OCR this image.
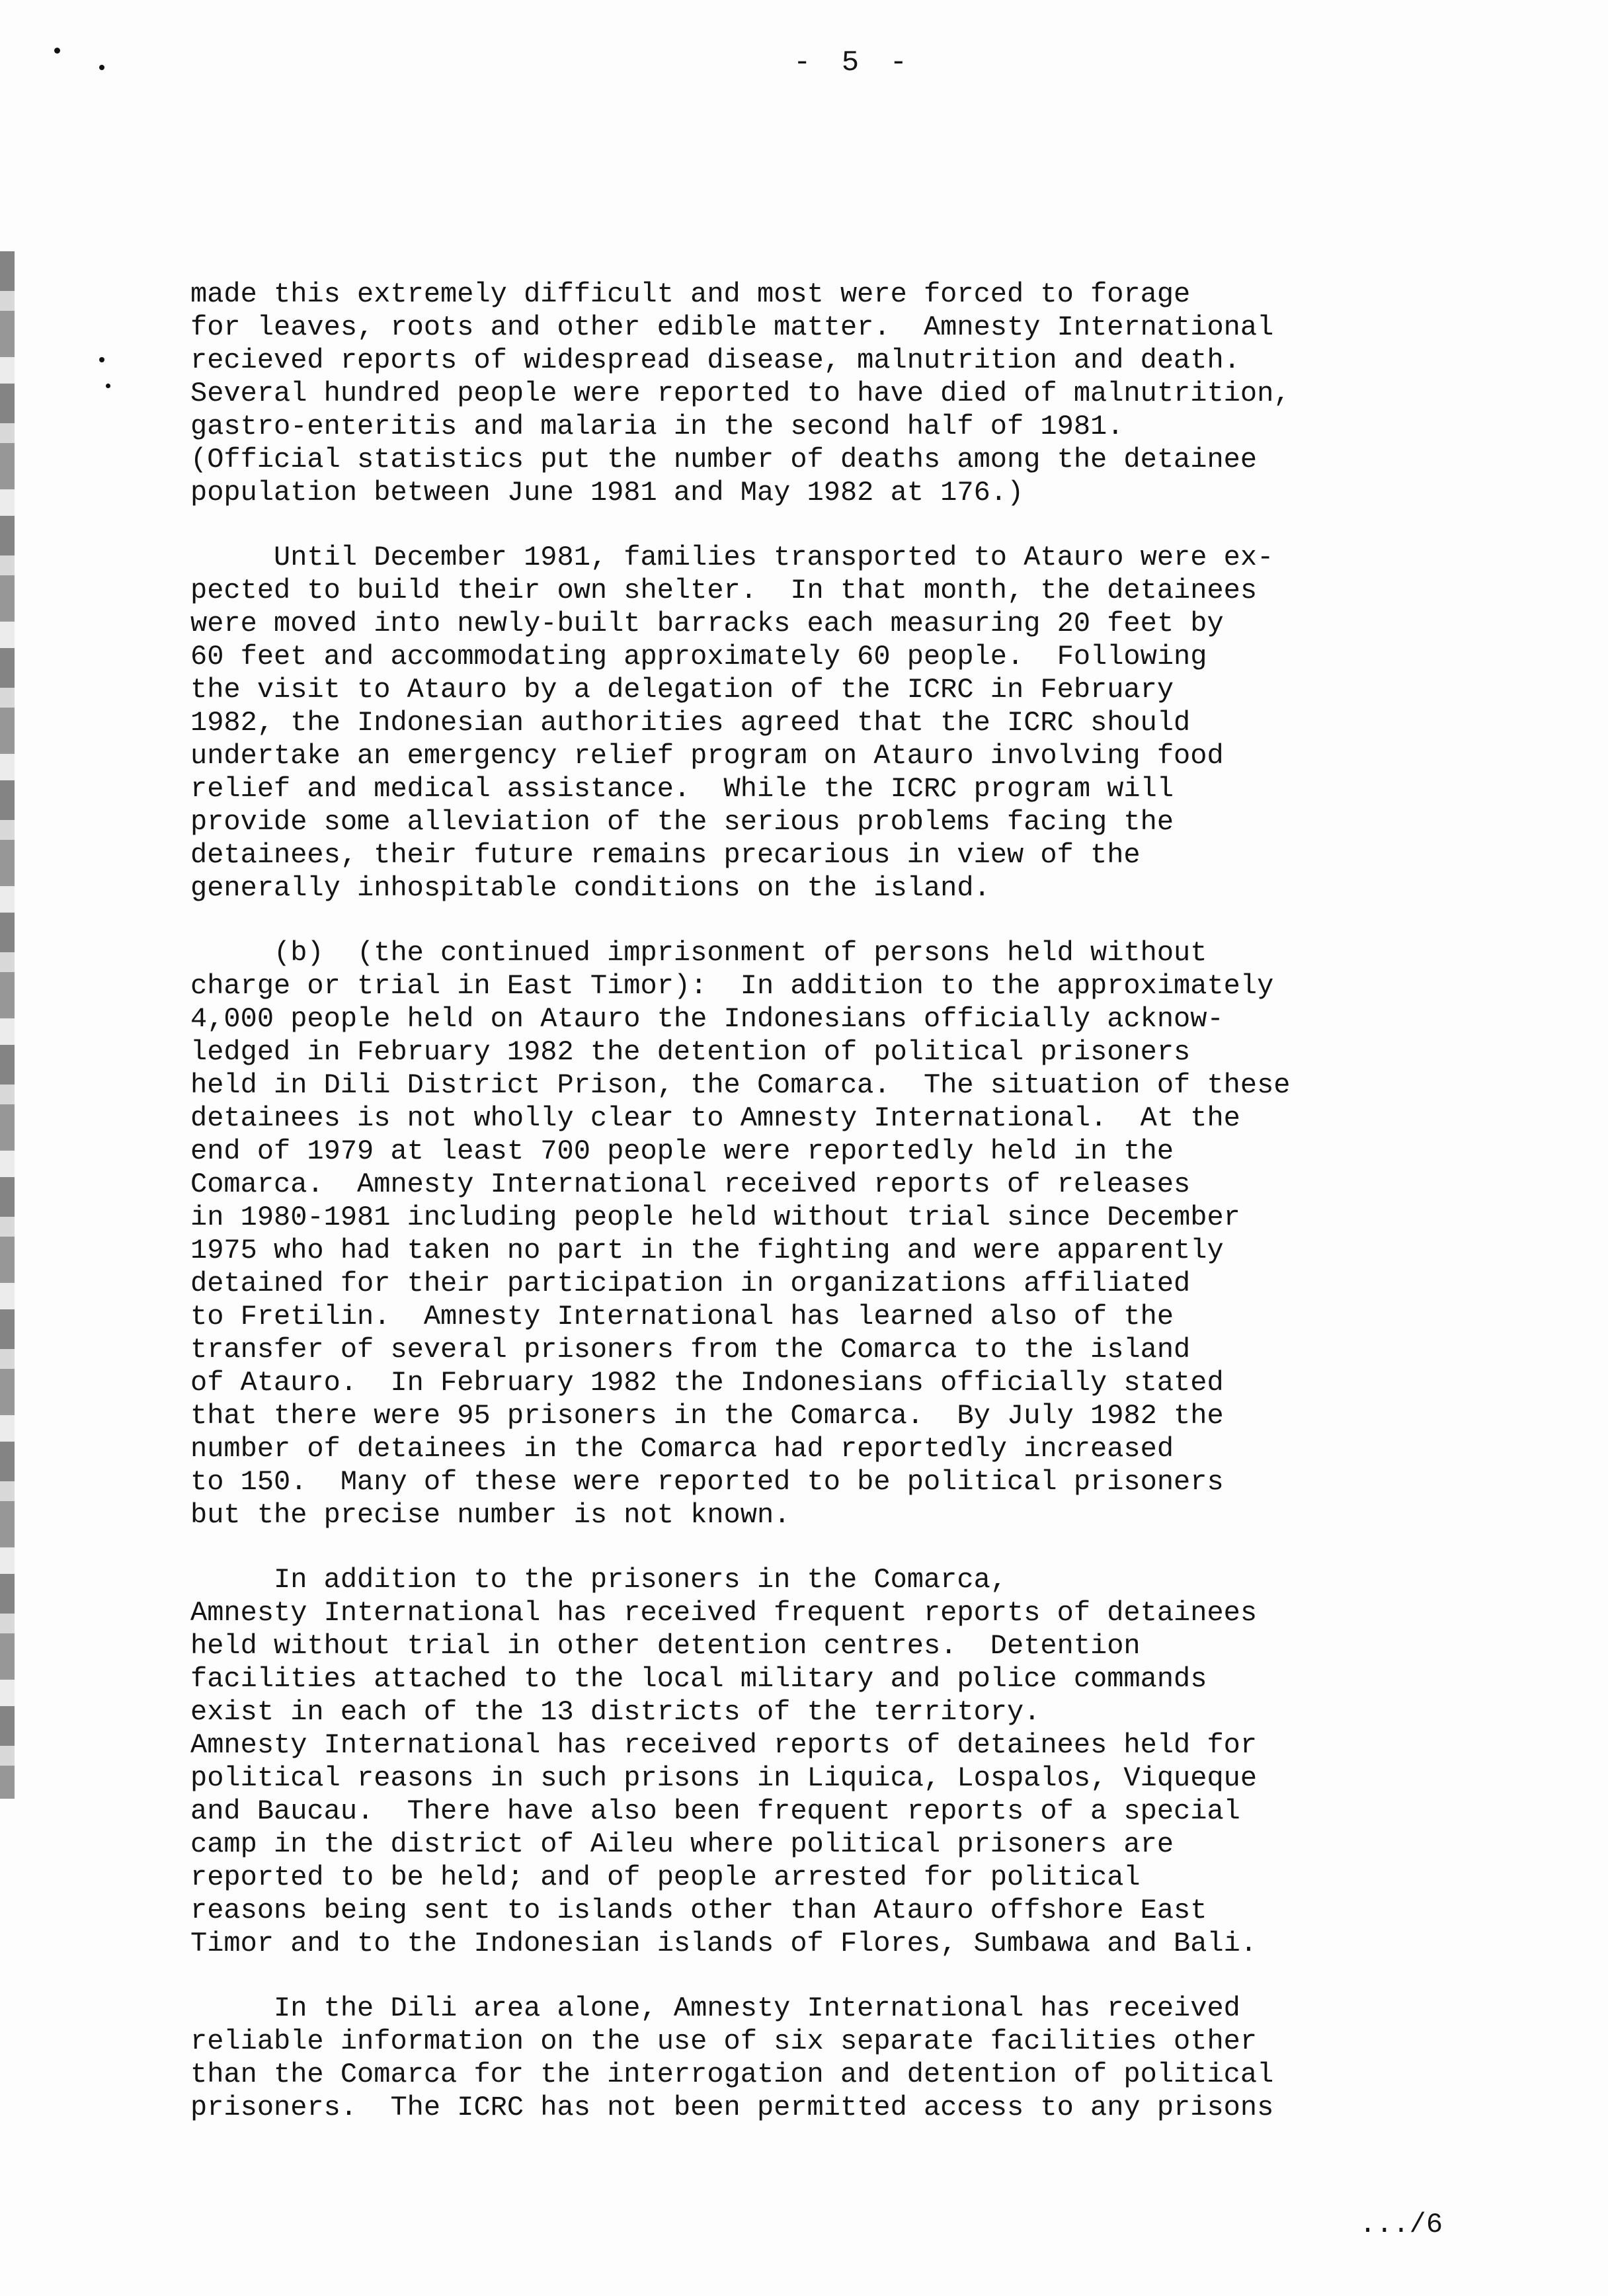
- 5 -
made this extremely difficult and most were forced to forage
for leaves, roots and other edible matter.  Amnesty International
recieved reports of widespread disease, malnutrition and death.
Several hundred people were reported to have died of malnutrition,
gastro-enteritis and malaria in the second half of 1981.
(Official statistics put the number of deaths among the detainee
population between June 1981 and May 1982 at 176.)
Until December 1981, families transported to Atauro were ex-
pected to build their own shelter.  In that month, the detainees
were moved into newly-built barracks each measuring 20 feet by
60 feet and accommodating approximately 60 people.  Following
the visit to Atauro by a delegation of the ICRC in February
1982, the Indonesian authorities agreed that the ICRC should
undertake an emergency relief program on Atauro involving food
relief and medical assistance.  While the ICRC program will
provide some alleviation of the serious problems facing the
detainees, their future remains precarious in view of the
generally inhospitable conditions on the island.
(b)  (the continued imprisonment of persons held without
charge or trial in East Timor):  In addition to the approximately
4,000 people held on Atauro the Indonesians officially acknow-
ledged in February 1982 the detention of political prisoners
held in Dili District Prison, the Comarca.  The situation of these
detainees is not wholly clear to Amnesty International.  At the
end of 1979 at least 700 people were reportedly held in the
Comarca.  Amnesty International received reports of releases
in 1980-1981 including people held without trial since December
1975 who had taken no part in the fighting and were apparently
detained for their participation in organizations affiliated
to Fretilin.  Amnesty International has learned also of the
transfer of several prisoners from the Comarca to the island
of Atauro.  In February 1982 the Indonesians officially stated
that there were 95 prisoners in the Comarca.  By July 1982 the
number of detainees in the Comarca had reportedly increased
to 150.  Many of these were reported to be political prisoners
but the precise number is not known.
In addition to the prisoners in the Comarca,
Amnesty International has received frequent reports of detainees
held without trial in other detention centres.  Detention
facilities attached to the local military and police commands
exist in each of the 13 districts of the territory.
Amnesty International has received reports of detainees held for
political reasons in such prisons in Liquica, Lospalos, Viqueque
and Baucau.  There have also been frequent reports of a special
camp in the district of Aileu where political prisoners are
reported to be held; and of people arrested for political
reasons being sent to islands other than Atauro offshore East
Timor and to the Indonesian islands of Flores, Sumbawa and Bali.
In the Dili area alone, Amnesty International has received
reliable information on the use of six separate facilities other
than the Comarca for the interrogation and detention of political
prisoners.  The ICRC has not been permitted access to any prisons
.../6
